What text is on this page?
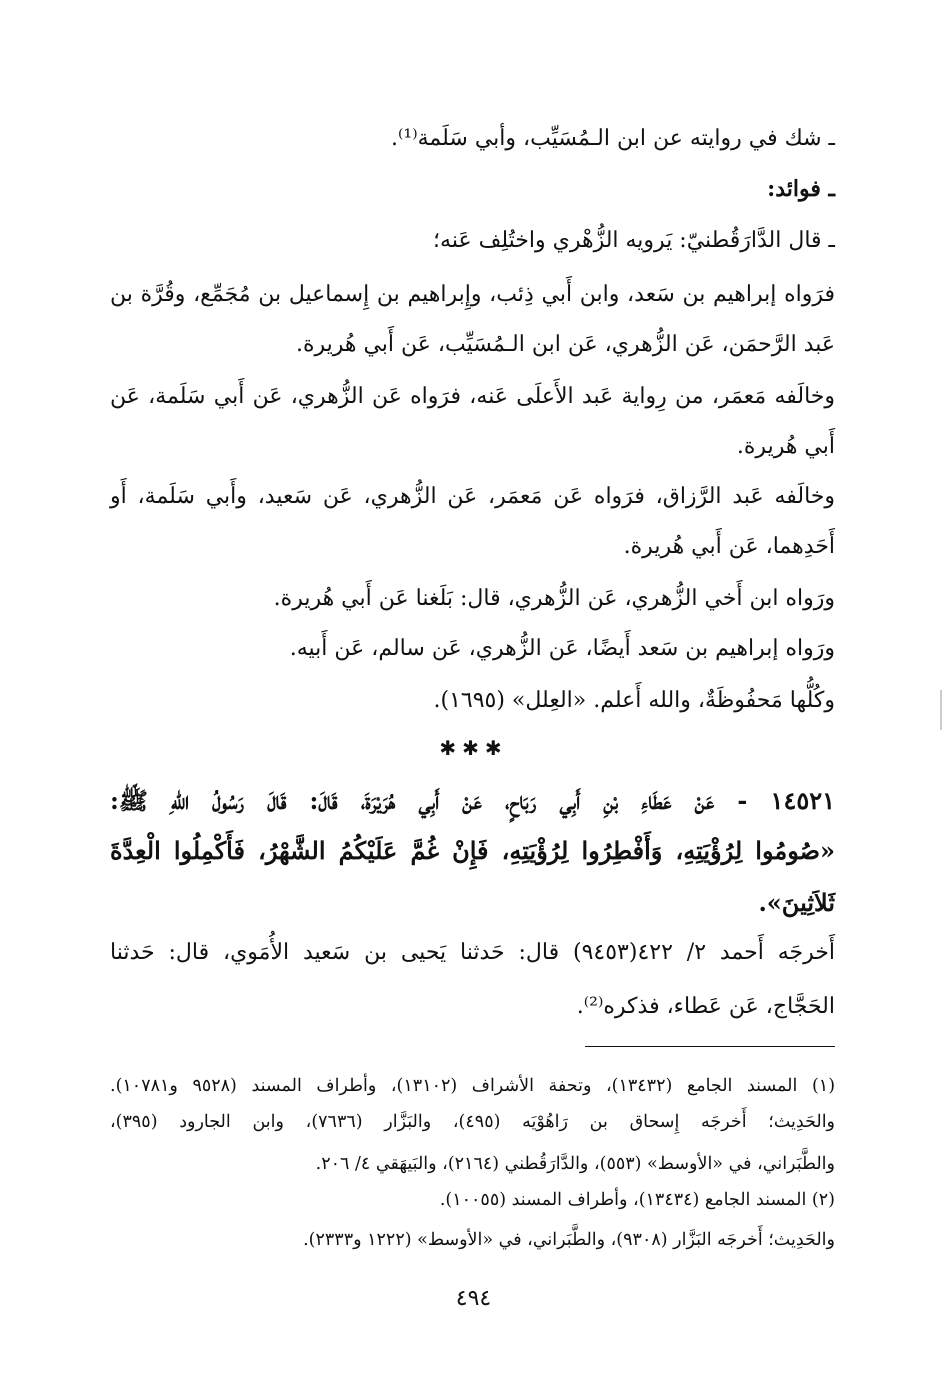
ـ شك في روايته عن ابن الـمُسَيِّب، وأبي سَلَمة⁽¹⁾.
ـ فوائد:
ـ قال الدَّارَقُطنيّ: يَرويه الزُّهْري واختُلِف عَنه؛
فرَواه إبراهيم بن سَعد، وابن أَبي ذِئب، وإِبراهيم بن إِسماعيل بن مُجَمِّع، وقُرَّة بن
عَبد الرَّحمَن، عَن الزُّهري، عَن ابن الـمُسَيِّب، عَن أَبي هُريرة.
وخالَفه مَعمَر، من رِواية عَبد الأَعلَى عَنه، فرَواه عَن الزُّهري، عَن أَبي سَلَمة، عَن
أَبي هُريرة.
وخالَفه عَبد الرَّزاق، فرَواه عَن مَعمَر، عَن الزُّهري، عَن سَعيد، وأَبي سَلَمة، أَو
أَحَدِهما، عَن أَبي هُريرة.
ورَواه ابن أَخي الزُّهري، عَن الزُّهري، قال: بَلَغنا عَن أَبي هُريرة.
ورَواه إبراهيم بن سَعد أَيضًا، عَن الزُّهري، عَن سالم، عَن أَبيه.
وكُلُّها مَحفُوظَةٌ، والله أَعلم. «العِلل» (١٦٩٥).
✱✱✱
١٤٥٢١ - عَنْ عَطَاءِ بْنِ أَبِي رَبَاحٍ، عَنْ أَبِي هُرَيْرَةَ، قَالَ: قَالَ رَسُولُ اللهِ ﷺ:
«صُومُوا لِرُؤْيَتِهِ، وَأَفْطِرُوا لِرُؤْيَتِهِ، فَإِنْ غُمَّ عَلَيْكُمُ الشَّهْرُ، فَأَكْمِلُوا الْعِدَّةَ
ثَلاَثِينَ».
أَخرجَه أَحمد ٢/ ٤٢٢(٩٤٥٣) قال: حَدثنا يَحيى بن سَعيد الأُمَوي، قال: حَدثنا
الحَجَّاج، عَن عَطاء، فذكره⁽²⁾.
(١) المسند الجامع (١٣٤٣٢)، وتحفة الأشراف (١٣١٠٢)، وأطراف المسند (٩٥٢٨ و١٠٧٨١).
والحَدِيث؛ أَخرجَه إِسحاق بن رَاهُوْيَه (٤٩٥)، والبَزَّار (٧٦٣٦)، وابن الجارود (٣٩٥)،
والطَّبَراني، في «الأوسط» (٥٥٣)، والدَّارَقُطني (٢١٦٤)، والبَيهَقي ٤/ ٢٠٦.
(٢) المسند الجامع (١٣٤٣٤)، وأطراف المسند (١٠٠٥٥).
والحَدِيث؛ أَخرجَه البَزَّار (٩٣٠٨)، والطَّبَراني، في «الأوسط» (١٢٢٢ و٢٣٣٣).
٤٩٤
